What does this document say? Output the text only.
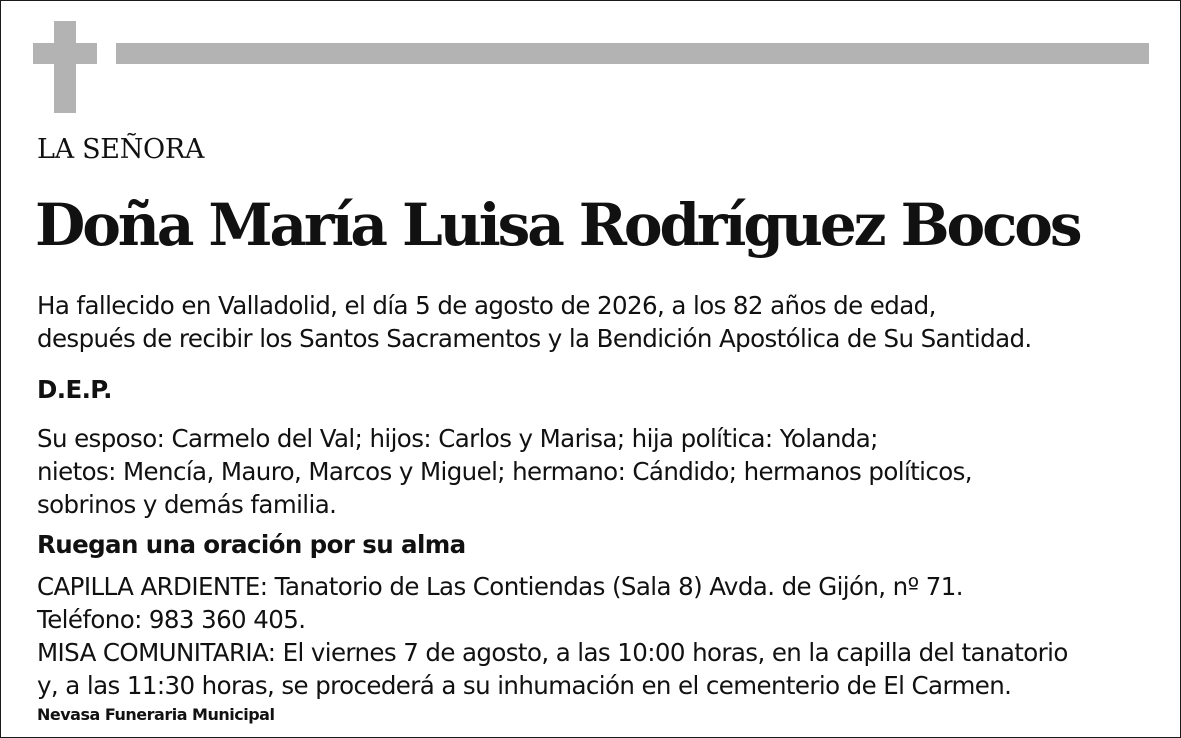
LA SEÑORA
Doña María Luisa Rodríguez Bocos
Ha fallecido en Valladolid, el día 5 de agosto de 2026, a los 82 años de edad,
después de recibir los Santos Sacramentos y la Bendición Apostólica de Su Santidad.
D.E.P.
Su esposo: Carmelo del Val; hijos: Carlos y Marisa; hija política: Yolanda;
nietos: Mencía, Mauro, Marcos y Miguel; hermano: Cándido; hermanos políticos,
sobrinos y demás familia.
Ruegan una oración por su alma
CAPILLA ARDIENTE: Tanatorio de Las Contiendas (Sala 8) Avda. de Gijón, nº 71.
Teléfono: 983 360 405.
MISA COMUNITARIA: El viernes 7 de agosto, a las 10:00 horas, en la capilla del tanatorio
y, a las 11:30 horas, se procederá a su inhumación en el cementerio de El Carmen.
Nevasa Funeraria Municipal
